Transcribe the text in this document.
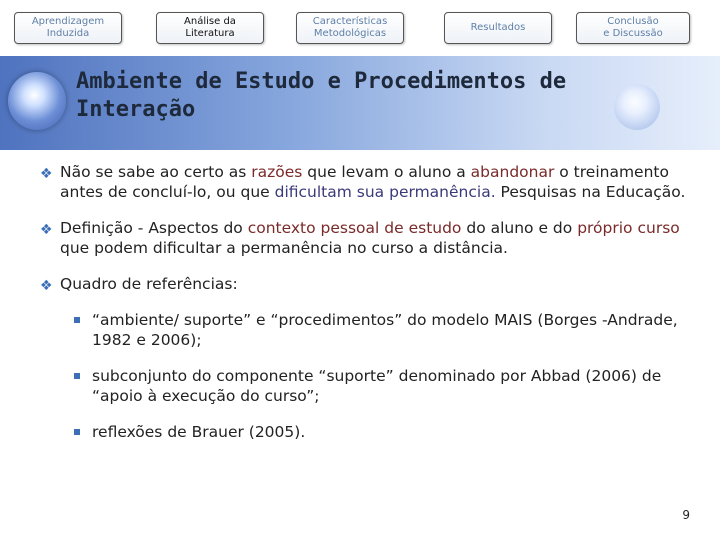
Aprendizagem
Induzida
Análise da
Literatura
Características
Metodológicas
Resultados
Conclusão
e Discussão
Ambiente de Estudo e Procedimentos de Interação
❖ Não se sabe ao certo as razões que levam o aluno a abandonar o treinamento antes de concluí-lo, ou que dificultam sua permanência. Pesquisas na Educação.
❖ Definição - Aspectos do contexto pessoal de estudo do aluno e do próprio curso que podem dificultar a permanência no curso a distância.
❖ Quadro de referências:
“ambiente/ suporte” e “procedimentos” do modelo MAIS (Borges -Andrade, 1982 e 2006);
subconjunto do componente “suporte” denominado por Abbad (2006) de “apoio à execução do curso”;
reflexões de Brauer (2005).
9
